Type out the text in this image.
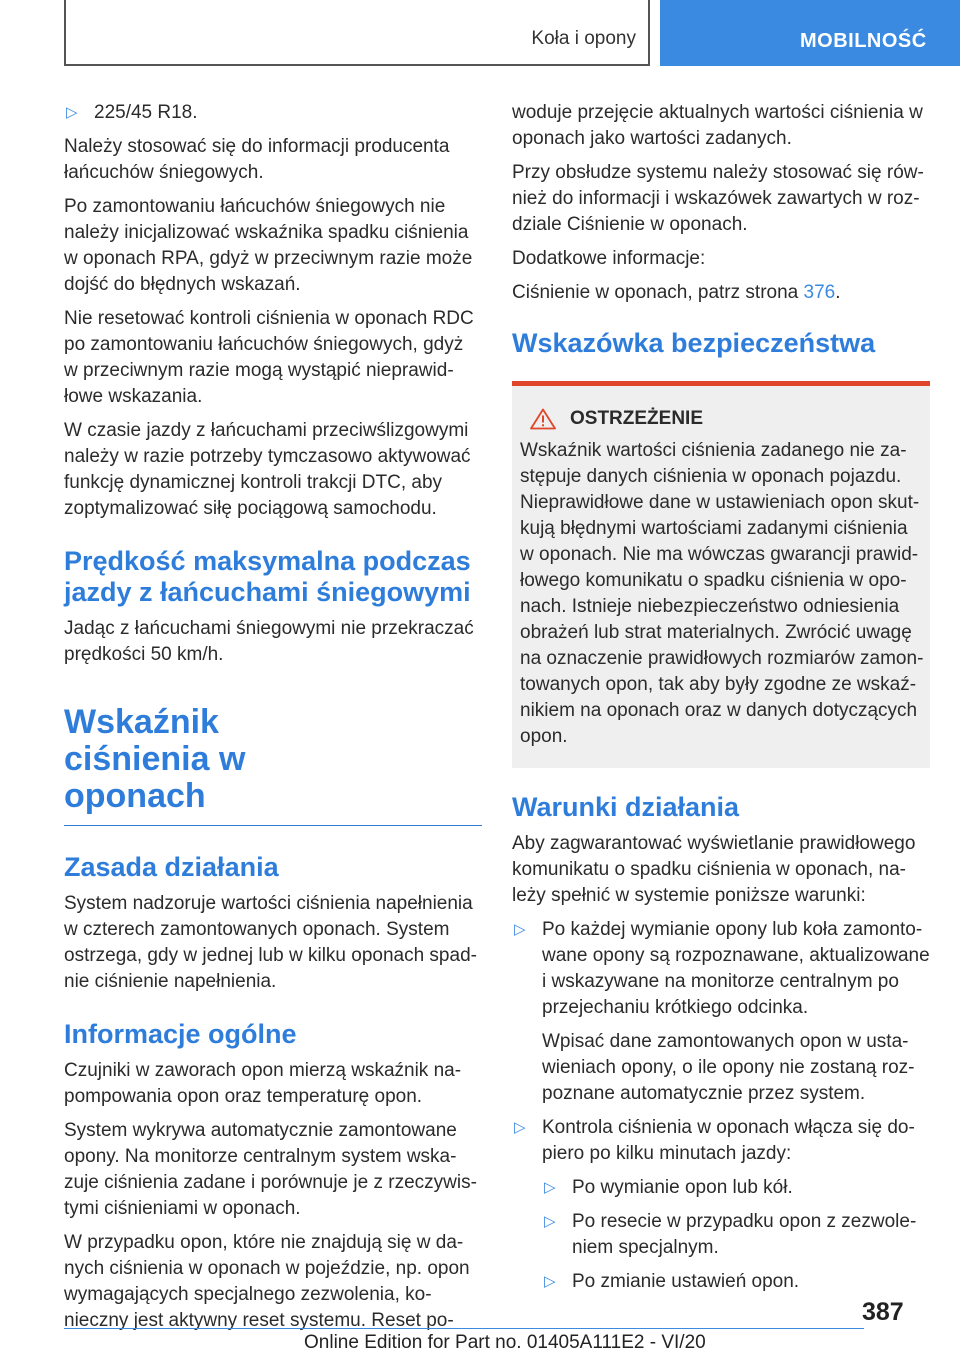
Koła i opony	MOBILNOŚĆ
▷ 225/45 R18.

Należy stosować się do informacji producenta łańcuchów śniegowych.

Po zamontowaniu łańcuchów śniegowych nie należy inicjalizować wskaźnika spadku ciśnienia w oponach RPA, gdyż w przeciwnym razie może dojść do błędnych wskazań.

Nie resetować kontroli ciśnienia w oponach RDC po zamontowaniu łańcuchów śniegowych, gdyż w przeciwnym razie mogą wystąpić nieprawidłowe wskazania.

W czasie jazdy z łańcuchami przeciwślizgowymi należy w razie potrzeby tymczasowo aktywować funkcję dynamicznej kontroli trakcji DTC, aby zoptymalizować siłę pociągową samochodu.

Prędkość maksymalna podczas jazdy z łańcuchami śniegowymi

Jadąc z łańcuchami śniegowymi nie przekraczać prędkości 50 km/h.

Wskaźnik ciśnienia w oponach
Zasada działania

System nadzoruje wartości ciśnienia napełnienia w czterech zamontowanych oponach. System ostrzega, gdy w jednej lub w kilku oponach spadnie ciśnienie napełnienia.

Informacje ogólne

Czujniki w zaworach opon mierzą wskaźnik napompowania opon oraz temperaturę opon.

System wykrywa automatycznie zamontowane opony. Na monitorze centralnym system wskazuje ciśnienia zadane i porównuje je z rzeczywistymi ciśnieniami w oponach.

W przypadku opon, które nie znajdują się w danych ciśnienia w oponach w pojeździe, np. opon wymagających specjalnego zezwolenia, konieczny jest aktywny reset systemu. Reset po-

woduje przejęcie aktualnych wartości ciśnienia w oponach jako wartości zadanych.

Przy obsłudze systemu należy stosować się również do informacji i wskazówek zawartych w rozdziale Ciśnienie w oponach.

Dodatkowe informacje:

Ciśnienie w oponach, patrz strona 376.

Wskazówka bezpieczeństwa
OSTRZEŻENIE
Wskaźnik wartości ciśnienia zadanego nie zastępuje danych ciśnienia w oponach pojazdu. Nieprawidłowe dane w ustawieniach opon skutkują błędnymi wartościami zadanymi ciśnienia w oponach. Nie ma wówczas gwarancji prawidłowego komunikatu o spadku ciśnienia w oponach. Istnieje niebezpieczeństwo odniesienia obrażeń lub strat materialnych. Zwrócić uwagę na oznaczenie prawidłowych rozmiarów zamontowanych opon, tak aby były zgodne ze wskaźnikiem na oponach oraz w danych dotyczących opon.
Warunki działania

Aby zagwarantować wyświetlanie prawidłowego komunikatu o spadku ciśnienia w oponach, należy spełnić w systemie poniższe warunki:

▷ Po każdej wymianie opony lub koła zamontowane opony są rozpoznawane, aktualizowane i wskazywane na monitorze centralnym po przejechaniu krótkiego odcinka.

Wpisać dane zamontowanych opon w ustawieniach opony, o ile opony nie zostaną rozpoznane automatycznie przez system.

▷ Kontrola ciśnienia w oponach włącza się dopiero po kilku minutach jazdy:
▷ Po wymianie opon lub kół.
▷ Po resecie w przypadku opon z zezwoleniem specjalnym.
▷ Po zmianie ustawień opon.
387
Online Edition for Part no. 01405A111E2 - VI/20
